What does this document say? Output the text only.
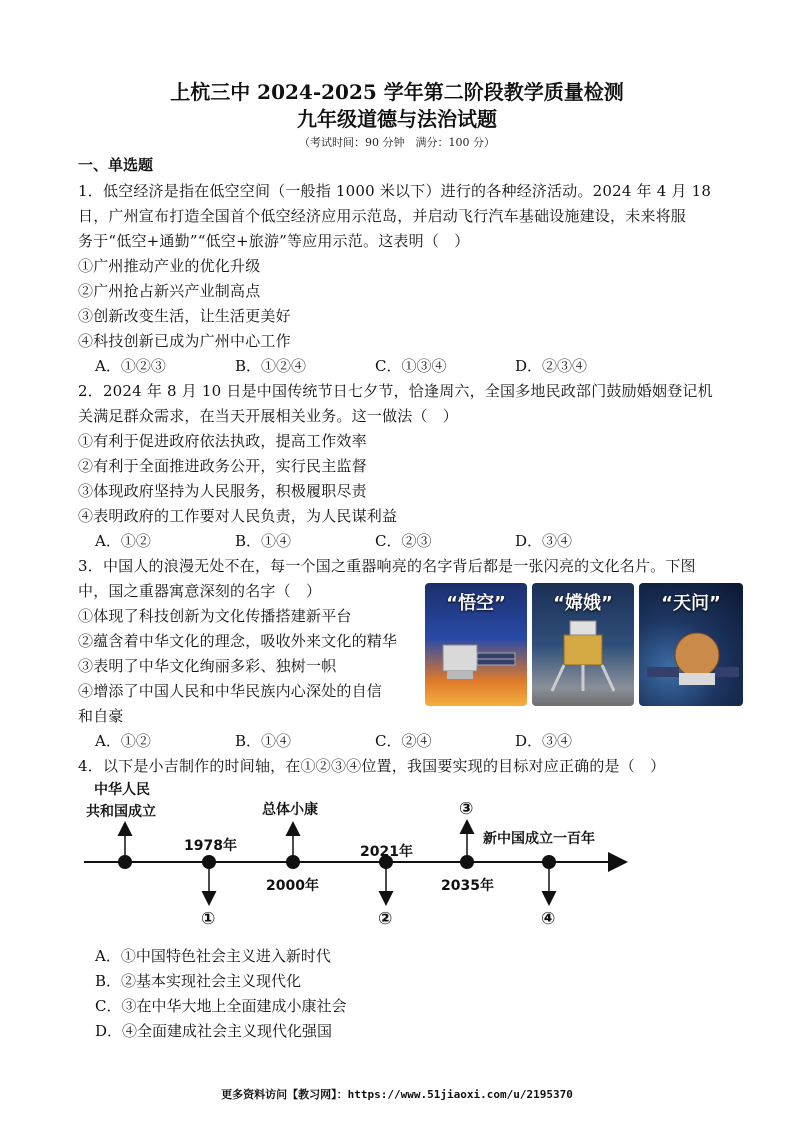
上杭三中 2024-2025 学年第二阶段教学质量检测
九年级道德与法治试题
（考试时间：90 分钟　满分：100 分）
一、单选题
1．低空经济是指在低空空间（一般指 1000 米以下）进行的各种经济活动。2024 年 4 月 18
日，广州宣布打造全国首个低空经济应用示范岛，并启动飞行汽车基础设施建设，未来将服
务于“低空+通勤”“低空+旅游”等应用示范。这表明（　）
①广州推动产业的优化升级
②广州抢占新兴产业制高点
③创新改变生活，让生活更美好
④科技创新已成为广州中心工作
A．①②③	B．①②④	C．①③④	D．②③④
2．2024 年 8 月 10 日是中国传统节日七夕节，恰逢周六，全国多地民政部门鼓励婚姻登记机
关满足群众需求，在当天开展相关业务。这一做法（　）
①有利于促进政府依法执政，提高工作效率
②有利于全面推进政务公开，实行民主监督
③体现政府坚持为人民服务，积极履职尽责
④表明政府的工作要对人民负责，为人民谋利益
A．①②	B．①④	C．②③	D．③④
3．中国人的浪漫无处不在，每一个国之重器响亮的名字背后都是一张闪亮的文化名片。下图
中，国之重器寓意深刻的名字（　）
①体现了科技创新为文化传播搭建新平台
②蕴含着中华文化的理念，吸收外来文化的精华
③表明了中华文化绚丽多彩、独树一帜
④增添了中国人民和中华民族内心深处的自信
和自豪
“悟空”	“嫦娥”	“天问”
A．①②	B．①④	C．②④	D．③④
4．以下是小吉制作的时间轴，在①②③④位置，我国要实现的目标对应正确的是（　）
中华人民
共和国成立
1978年
总体小康
2000年
2021年
2035年
新中国成立一百年
③
①	②	④
A．①中国特色社会主义进入新时代
B．②基本实现社会主义现代化
C．③在中华大地上全面建成小康社会
D．④全面建成社会主义现代化强国
更多资料访问【教习网】：https://www.51jiaoxi.com/u/2195370
